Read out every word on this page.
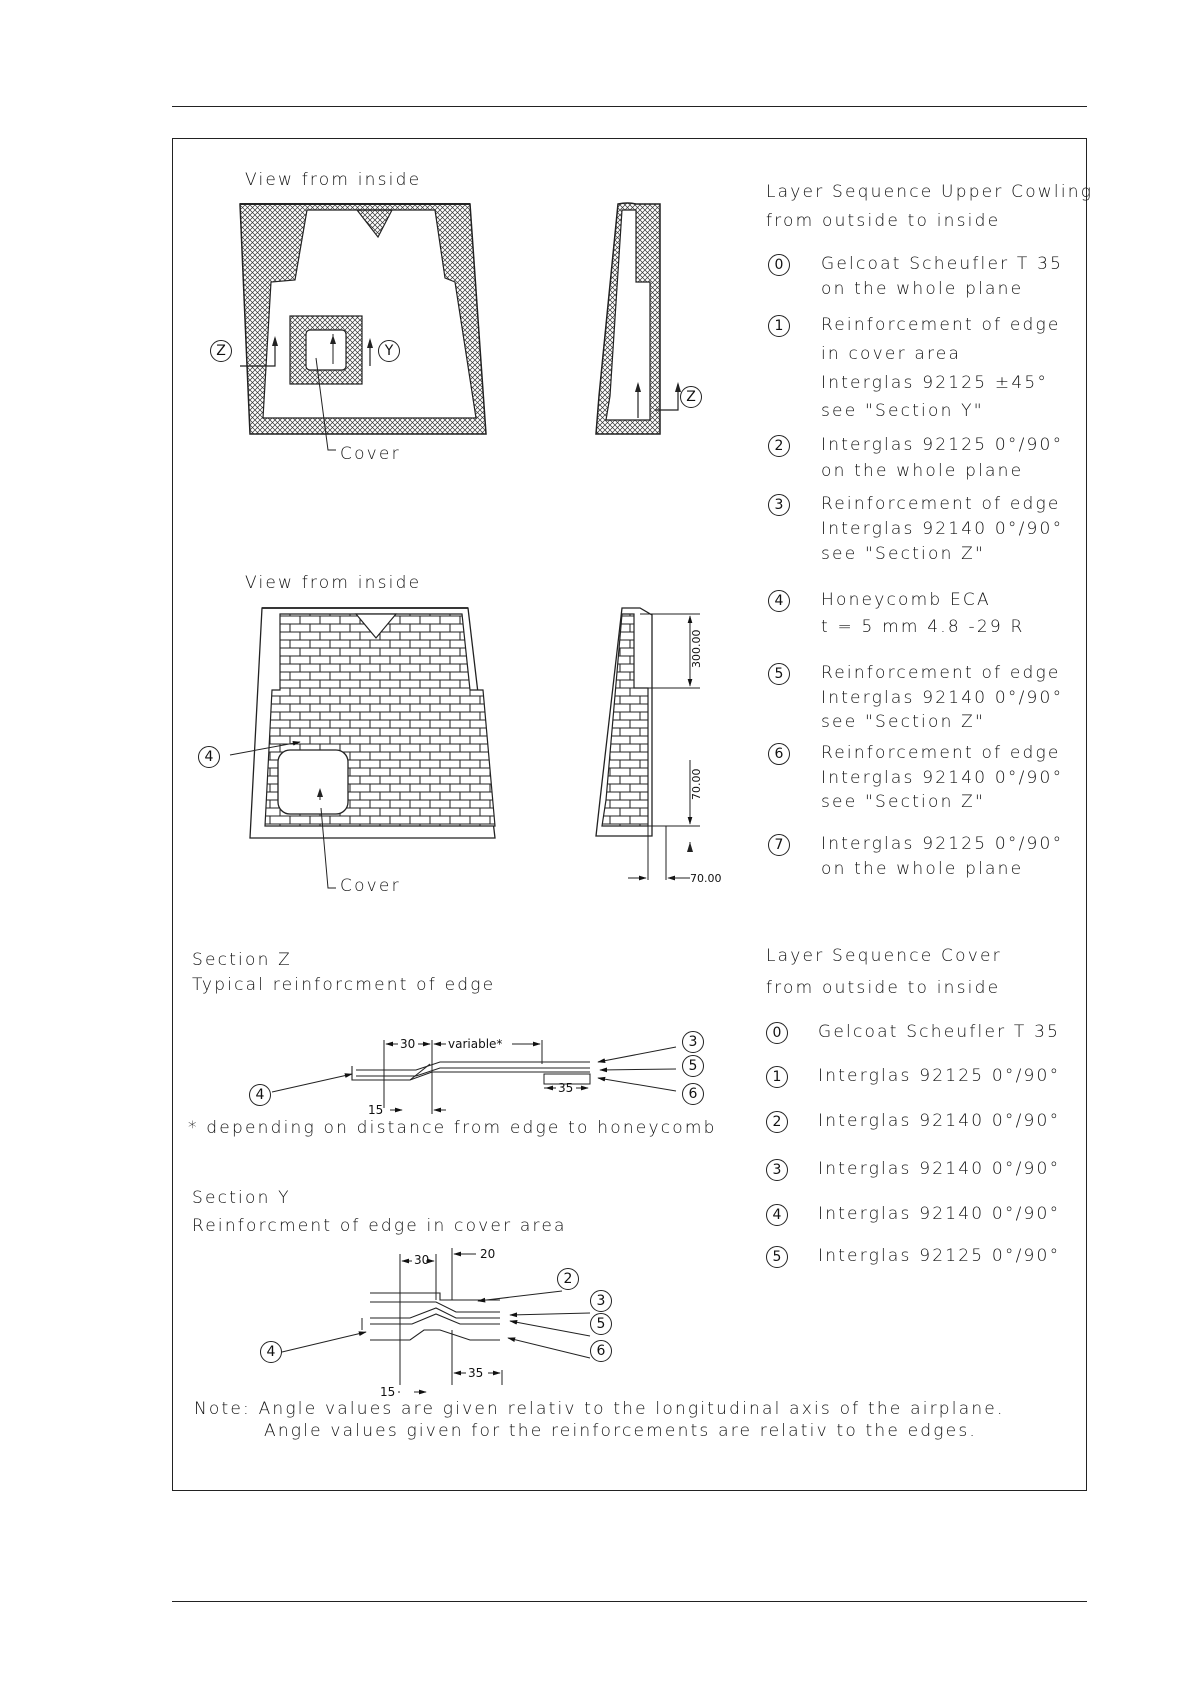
300.00
70.00
70.00
30	variable*
35
15
30	20
35
15
View from inside
Cover
Z	Y
Z
View from inside
Cover
4
Layer Sequence Upper Cowling
from outside to inside
0	Gelcoat Scheufler T 35
on the whole plane
1	Reinforcement of edge
in cover area
Interglas 92125 ±45°
see "Section Y"
2	Interglas 92125 0°/90°
on the whole plane
3	Reinforcement of edge
Interglas 92140 0°/90°
see "Section Z"
4	Honeycomb ECA
t = 5 mm 4.8 -29 R
5	Reinforcement of edge
Interglas 92140 0°/90°
see "Section Z"
6	Reinforcement of edge
Interglas 92140 0°/90°
see "Section Z"
7	Interglas 92125 0°/90°
on the whole plane
Layer Sequence Cover
from outside to inside
0	Gelcoat Scheufler T 35
1	Interglas 92125 0°/90°
2	Interglas 92140 0°/90°
3	Interglas 92140 0°/90°
4	Interglas 92140 0°/90°
5	Interglas 92125 0°/90°
Section Z
Typical reinforcment of edge
3
5
6
4
* depending on distance from edge to honeycomb
Section Y
Reinforcment of edge in cover area
2
3
5
6
4
Note: Angle values are given relativ to the longitudinal axis of the airplane.
Angle values given for the reinforcements are relativ to the edges.
